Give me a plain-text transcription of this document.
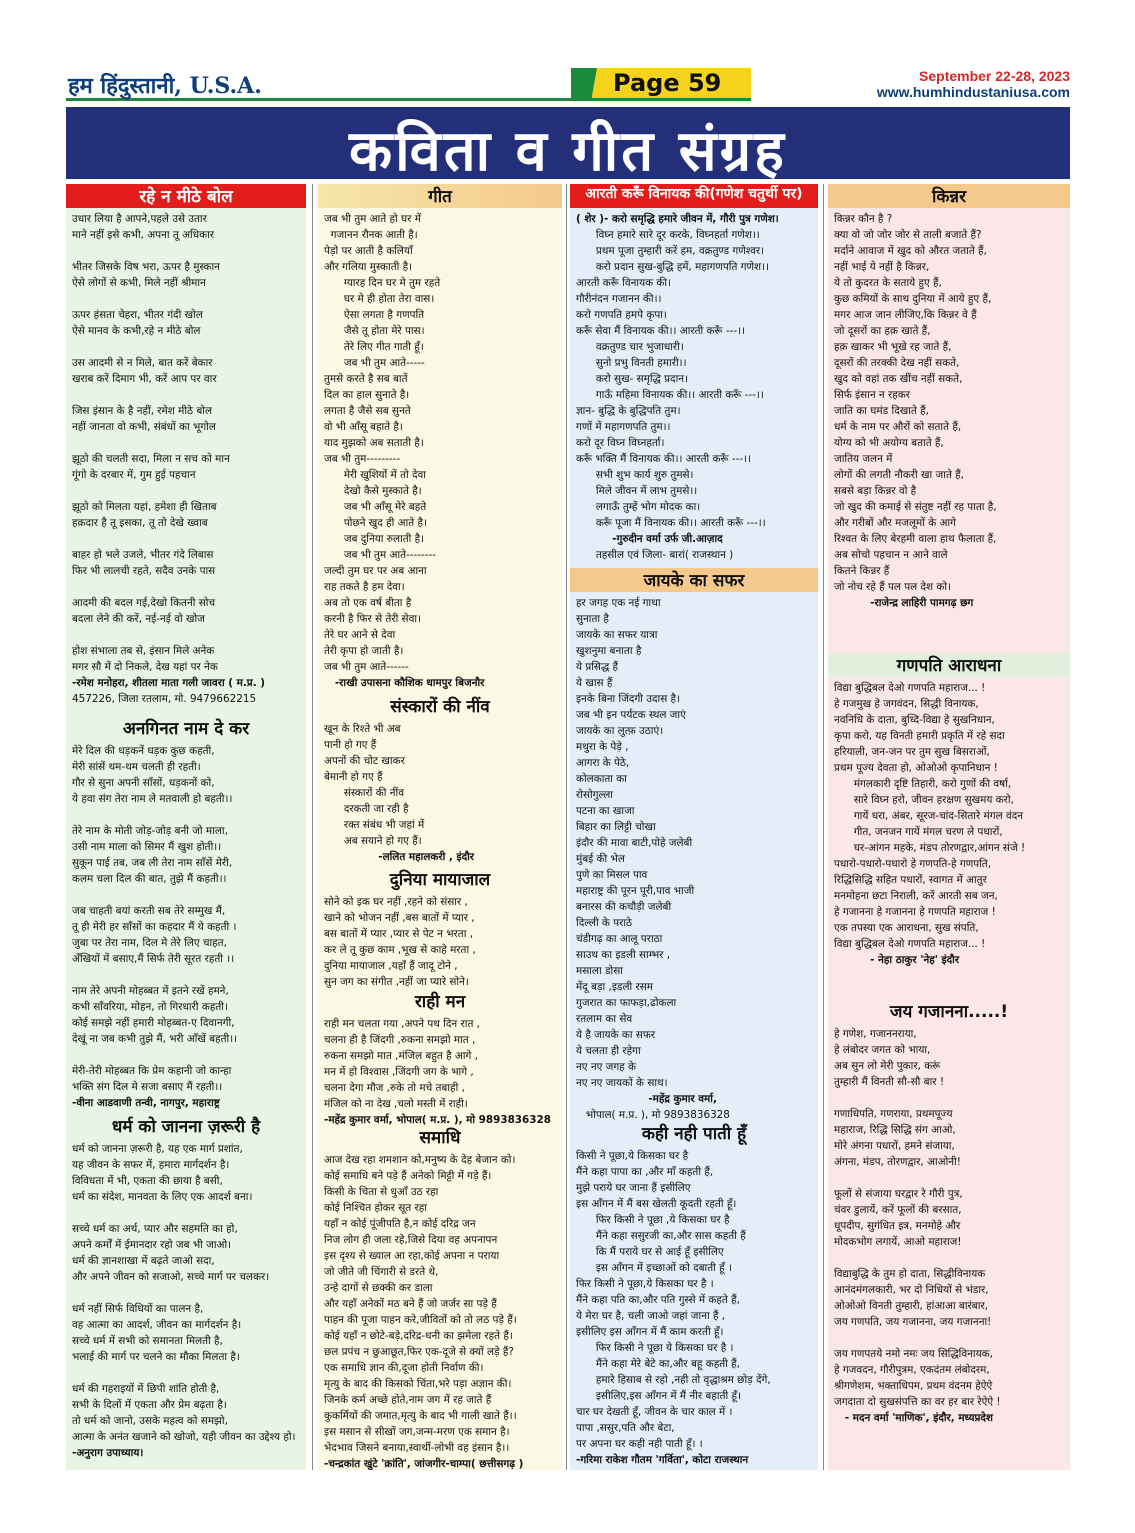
हम हिंदुस्तानी, U.S.A.	Page 59	September 22-28, 2023
www.humhindustaniusa.com
कविता व गीत संग्रह
रहे न मीठे बोल
उधार लिया है आपने,पहले उसे उतार
माने नहीं इसे कभी, अपना तू अधिकार
भीतर जिसके विष भरा, ऊपर है मुस्कान
ऐसे लोगों से कभी, मिले नहीं श्रीमान
ऊपर हंसता चेहरा, भीतर गंदी खोल
ऐसे मानव के कभी,रहे न मीठे बोल
उस आदमी से न मिले, बात करें बेकार
खराब करें दिमाग भी, करें आप पर वार
जिस इंसान के है नहीं, रमेश मीठे बोल
नहीं जानता वो कभी, संबंधों का भूगोल
झूठो की चलती सदा, मिला न सच को मान
गूंगो के दरबार में, गुम हुई पहचान
झूठो को मिलता यहां, हमेशा ही खिताब
हक़दार है तू इसका, तू तो देखे ख्वाब
बाहर हो भले उजले, भीतर गंदे लिबास
फिर भी लालची रहते, सदैव उनके पास
आदमी की बदल गई,देखो कितनी सोच
बदला लेने की करें, नई-नई वो खोज
होश संभाला तब से, इंसान मिले अनेक
मगर सौ में दो निकले, देख यहां पर नेक
-रमेश मनोहरा, शीतला माता गली जावरा ( म.प्र. )
457226, जिला रतलाम, मो. 9479662215
अनगिनत नाम दे कर
मेरे दिल की धड़कनें धड़क कुछ कहती,
मेरी सांसें थम-थम चलती ही रहती।
गौर से सुना अपनी साँसों, धड़कनों को,
ये हवा संग तेरा नाम ले मतवाली हो बहती।।
तेरे नाम के मोती जोड़-जोड़ बनी जो माला,
उसी नाम माला को सिमर मैं खुश होती।।
सुकून पाई तब, जब ली तेरा नाम साँसें मेरी,
कलम चला दिल की बात, तुझे मैं कहती।।
जब चाहती बयां करती सब तेरे सम्मुख मैं,
तू ही मेरी हर साँसों का कहदार मैं ये कहती ।
जुबा पर तेरा नाम, दिल मे तेरे लिए चाहत,
अँखियों में बसाए,मैं सिर्फ तेरी सूरत रहती ।।
नाम तेरे अपनी मोहब्बत में इतने रखें हमने,
कभी साँवरिया, मोहन, तो गिरधारी कहती।
कोई समझे नहीं हमारी मोहब्बत-ए दिवानगी,
देखूं ना जब कभी तुझे मैं, भरी आँखें बहती।।
मेरी-तेरी मोहब्बत कि प्रेम कहानी जो कान्हा
भक्ति संग दिल मे सजा बसाए मैं रहती।।
-वीना आडवाणी तन्वी, नागपुर, महाराष्ट्र
धर्म को जानना ज़रूरी है
धर्म को जानना ज़रूरी है, यह एक मार्ग प्रशांत,
यह जीवन के सफर में, हमारा मार्गदर्शन है।
विविधता में भी, एकता की छाया है बसी,
धर्म का संदेश, मानवता के लिए एक आदर्श बना।
सच्चे धर्म का अर्थ, प्यार और सहमति का हो,
अपने कर्मों में ईमानदार रहो जब भी जाओ।
धर्म की ज्ञानशाखा में बढ़ते जाओ सदा,
और अपने जीवन को सजाओ, सच्चे मार्ग पर चलकर।
धर्म नहीं सिर्फ विधियों का पालन है,
वह आत्मा का आदर्श, जीवन का मार्गदर्शन है।
सच्चे धर्म में सभी को समानता मिलती है,
भलाई की मार्ग पर चलने का मौका मिलता है।
धर्म की गहराइयों में छिपी शांति होती है,
सभी के दिलों में एकता और प्रेम बढ़ता है।
तो धर्म को जानो, उसके महत्व को समझो,
आत्मा के अनंत खजाने को खोजो, यही जीवन का उद्देश्य हो।
-अनुराग उपाध्याय।
गीत
जब भी तुम आते हो घर में
गजानन रौनक आती है।
पेड़ो पर आती है कलियाँ
और गलिया मुस्काती है।
ग्यारह दिन घर मे तुम रहते
घर मे ही होता तेरा वास।
ऐसा लगता है गणपति
जैसे तू होता मेरे पास।
तेरे लिए गीत गाती हूँ।
जब भी तुम आते-----
तुमसे करते है सब बातें
दिल का हाल सुनाते है।
लगता है जैसे सब सुनते
वो भी आँसू बहाते है।
याद मुझको अब सताती है।
जब भी तुम---------
मेरी खुशियों में तो देवा
देखो कैसे मुस्काते है।
जब भी आँसू मेरे बहते
पोछने खुद ही आते है।
जब दुनिया रुलाती है।
जब भी तुम आते--------
जल्दी तुम घर पर अब आना
राह तकते है हम देवा।
अब तो एक वर्ष बीता है
करनी है फिर से तेरी सेवा।
तेरे घर आने से देवा
तेरी कृपा हो जाती है।
जब भी तुम आते------
-राखी उपासना कौशिक धामपुर बिजनौर
संस्कारों की नींव
खून के रिश्ते भी अब
पानी हो गए हैं
अपनों की चोट खाकर
बेमानी हो गए हैं
संस्कारों की नींव
दरकती जा रही है
रक्त संबंध भी जहां में
अब सयाने हो गए हैं।
-ललित महालकरी , इंदौर
दुनिया मायाजाल
सोने को इक घर नहीं ,रहने को संसार ,
खाने को भोजन नहीं ,बस बातों में प्यार ,
बस बातों में प्यार ,प्यार से पेट न भरता ,
कर ले तू कुछ काम ,भूख से काहे मरता ,
दुनिया मायाजाल ,यहाँ हैं जादू टोने ,
सुन जग का संगीत ,नहीं जा प्यारे सोने।
राही मन
राही मन चलता गया ,अपने पथ दिन रात ,
चलना ही है जिंदगी ,रुकना समझो मात ,
रुकना समझो मात ,मंजिल बहुत है आगे ,
मन में हो विश्वास ,जिंदगी जग के भागे ,
चलना देगा मौज ,रुके तो मचे तबाही ,
मंजिल को ना देख ,चलो मस्ती में राही।
-महेंद्र कुमार वर्मा, भोपाल( म.प्र. ), मो 9893836328
समाधि
आज देख रहा शमशान को,मनुष्य के देह बेजान को।
कोई समाधि बने पड़े हैं अनेको मिट्टी में गड़े हैं।
किसी के चिता से धुआँ उठ रहा
कोई निश्चित होकर सूत रहा
यहाँ न कोई पूंजीपति है,न कोई दरिद्र जन
निज लोग ही जला रहे,जिसे दिया वह अपनापन
इस दृश्य से ख्याल आ रहा,कोई अपना न पराया
जो जीते जी चिंगारी से डरते थे,
उन्हे दागों से छक्की कर डाला
और यहाँ अनेकों मठ बने हैं जो जर्जर सा पड़े हैं
पाहन की पूजा पाहन करे,जीवितों को तो लठ पड़े हैं।
कोई यहाँ न छोटे-बड़े,दरिद्र-धनी का झमेला रहते हैं।
छल प्रपंच न छुआछूत,फिर एक-दूजे से क्यों लड़े हैं?
एक समाधि ज्ञान की,दूजा होती निर्वाण की।
मृत्यु के बाद की किसको चिंता,भरे पड़ा अज्ञान की।
जिनके कर्म अच्छे होते,नाम जग में रह जाते हैं
कुकर्मियों की जमात,मृत्यु के बाद भी गाली खाते हैं।।
इस मसान से सीखों जग,जन्म-मरण एक समान है।
भेदभाव जिसने बनाया,स्वार्थी-लोभी वह इंसान है।।
-चन्द्रकांत खुंटे 'क्रांति', जांजगीर-चाम्पा( छत्तीसगढ़ )
आरती करूँ विनायक की(गणेश चतुर्थी पर)
( शेर )- करो समृद्धि हमारे जीवन में, गौरी पुत्र गणेश।
विघ्न हमारे सारे दूर करके, विघ्नहर्ता गणेश।।
प्रथम पूजा तुम्हारी करें हम, वक्रतुण्ड गणेश्वर।
करो प्रदान सुख-बुद्धि हमें, महागणपति गणेश।।
आरती करूँ विनायक की।
गौरीनंदन गजानन की।।
करो गणपति हमपे कृपा।
करूँ सेवा मैं विनायक की।। आरती करूँ ---।।
वक्रतुण्ड चार भुजाधारी।
सुनो प्रभु विनती हमारी।।
करो सुख- समृद्धि प्रदान।
गाऊँ महिमा विनायक की।। आरती करूँ ---।।
ज्ञान- बुद्धि के बुद्धिपति तुम।
गणों में महागणपति तुम।।
करो दूर विघ्न विघ्नहर्ता।
करूँ भक्ति मैं विनायक की।। आरती करूँ ---।।
सभी शुभ कार्य शुरु तुमसे।
मिले जीवन में लाभ तुमसे।।
लगाऊँ तुम्हें भोग मोदक का।
करूँ पूजा मैं विनायक की।। आरती करूँ ---।।
-गुरुदीन वर्मा उर्फ जी.आज़ाद
तहसील एवं जिला- बारां( राजस्थान )
जायके का सफर
हर जगह एक नई गाथा
सुनाता है
जायके का सफर यात्रा
खुशनुमा बनाता है
ये प्रसिद्ध हैं
ये खास हैं
इनके बिना जिंदगी उदास है।
जब भी इन पर्यटक स्थल जाएं
जायके का लुत्फ़ उठाएं।
मथुरा के पेड़े ,
आगरा के पेठे,
कोलकाता का
रोसोगुल्ला
पटना का खाजा
बिहार का लिट्टी चोखा
इंदौर की मावा बाटी,पोहे जलेबी
मुंबई की भेल
पुणे का मिसल पाव
महाराष्ट्र की पूरन पूरी,पाव भाजी
बनारस की कचौड़ी जलेबी
दिल्ली के पराठे
चंडीगढ़ का आलू पराठा
साउथ का इडली साम्भर ,
मसाला डोसा
मेंदू बड़ा ,इडली रसम
गुजरात का फाफड़ा,ढोकला
रतलाम का सेव
ये है जायके का सफर
ये चलता ही रहेगा
नए नए जगह के
नए नए जायकों के साथ।
-महेंद्र कुमार वर्मा,
भोपाल( म.प्र. ), मो 9893836328
कही नही पाती हूँ
किसी ने पूछा,ये किसका घर है
मैंने कहा पापा का ,और माँ कहती हैं,
मुझे पराये घर जाना हैं इसीलिए
इस आँगन में मैं बस खेलती कूदती रहती हूँ।
फिर किसी ने पूछा ,ये किसका घर है
मैंने कहा ससुरजी का,और सास कहती हैं
कि मैं पराये घर से आई हूँ इसीलिए
इस आँगन में इच्छाओं को दबाती हूँ ।
फिर किसी ने पूछा,ये किसका घर है ।
मैंने कहा पति का,और पति गुस्से में कहते हैं,
ये मेरा घर है, चली जाओ जहां जाना हैं ,
इसीलिए इस आँगन में मैं काम करती हूँ।
फिर किसी ने पूछा ये किसका घर है ।
मैंने कहा मेरे बेटे का,और बहू कहती हैं,
हमारे हिसाब से रहो ,नही तो वृद्धाश्रम छोड़ देंगे,
इसीलिए,इस आँगन में मैं नीर बहाती हूँ।
चार घर देखती हूँ, जीवन के चार काल में ।
पापा ,ससुर,पति और बेटा,
पर अपना घर कही नही पाती हूँ। ।
-गरिमा राकेश गौतम 'गर्विता', कोटा राजस्थान
किन्नर
किन्नर कौन है ?
क्या वो जो जोर जोर से ताली बजाते हैं?
मर्दाने आवाज में खुद को औरत जताते हैं,
नहीं भाई ये नहीं है किन्नर,
ये तो कुदरत के सताये हुए हैं,
कुछ कमियों के साथ दुनिया में आये हुए हैं,
मगर आज जान लीजिए,कि किन्नर वे हैं
जो दूसरों का हक़ खाते हैं,
हक़ खाकर भी भूखे रह जाते हैं,
दूसरों की तरक्की देख नहीं सकते,
खुद को वहां तक खींच नहीं सकते,
सिर्फ इंसान न रहकर
जाति का घमंड दिखाते हैं,
धर्म के नाम पर औरों को सताते हैं,
योग्य को भी अयोग्य बताते हैं,
जातिय जलन में
लोगों की लगती नौकरी खा जाते हैं,
सबसे बड़ा किन्नर वो है
जो खुद की कमाई से संतुष्ट नहीं रह पाता है,
और गरीबों और मजलूमों के आगे
रिश्वत के लिए बेरहमी वाला हाथ फैलाता हैं,
अब सोचो पहचान न आने वाले
कितने किन्नर हैं
जो नोच रहे हैं पल पल देश को।
-राजेन्द्र लाहिरी पामगढ़ छग
गणपति आराधना
विद्या बुद्धिबल देओ गणपति महाराज... !
हे गजमुख हे जगवंदन, सिद्धी विनायक,
नवनिधि के दाता, बुध्दि-विद्या हे सुखनिधान,
कृपा करो, यह विनती हमारी प्रकृति में रहे सदा
हरियाली, जन-जन पर तुम सुख बिसराओं,
प्रथम पूज्य देवता हो, ओओओ कृपानिधान !
मंगलकारी दृष्टि तिहारी, करो गुणों की वर्षा,
सारे विघ्न हरो, जीवन हरक्षण सुखमय करो,
गायें धरा, अंबर, सूरज-चांद-सितारे मंगल वंदन
गीत, जनजन गायें मंगल चरण ले पधारों,
घर-आंगन महके, मंडप तोरणद्वार,आंगन संजे !
पधारो-पधारो-पधारो हे गणपति-हे गणपति,
रिद्धिसिद्धि सहित पधारों, स्वागत में आतुर
मनमोहना छटा निराली, करें आरती सब जन,
हे गजानना हे गजानना हे गणपति महाराज !
एक तपस्या एक आराधना, सुख संपति,
विद्या बुद्धिबल देओ गणपति महाराज... !
- नेहा ठाकुर 'नेह' इंदौर
जय गजानना.....!
हे गणेश, गजाननराया,
हे लंबोदर जगत को भाया,
अब सुन लो मेरी पुकार, करूं
तुम्हारी मैं विनती सौ-सौ बार !
गणाधिपति, गणराया, प्रथमपूज्य
महाराज, रिद्धि सिद्धि संग आओ,
मोरे अंगना पधारों, हमने संजाया,
अंगना, मंडप, तोरणद्वार, आओनी!
फूलों से संजाया घरद्वार रे गौरी पुत्र,
चंवर डुलायें, करें फूलों की बरसात,
धूपदीप, सुगंधित इत्र, मनमोहे और
मोदकभोग लगायें, आओ महाराज!
विद्याबुद्धि के तुम हो दाता, सिद्धीविनायक
आनंदमंगलकारी, भर दो निधियों से भंडार,
ओओओ विनती तुम्हारी, हांआआ बारंबार,
जय गणपति, जय गजानना, जय गजानना!
जय गणपतये नमो नमः जय सिद्धिविनायक,
हे गजवदन, गौरीपुत्रम, एकदंतम लंबोदरम,
श्रीगणेशम, भक्ताधिपम, प्रथम वंदनम हेऐऐ
जगदाता दो सुखसंपत्ति का वर हर बार रेऐऐ !
- मदन वर्मा 'माणिक', इंदौर, मध्यप्रदेश
